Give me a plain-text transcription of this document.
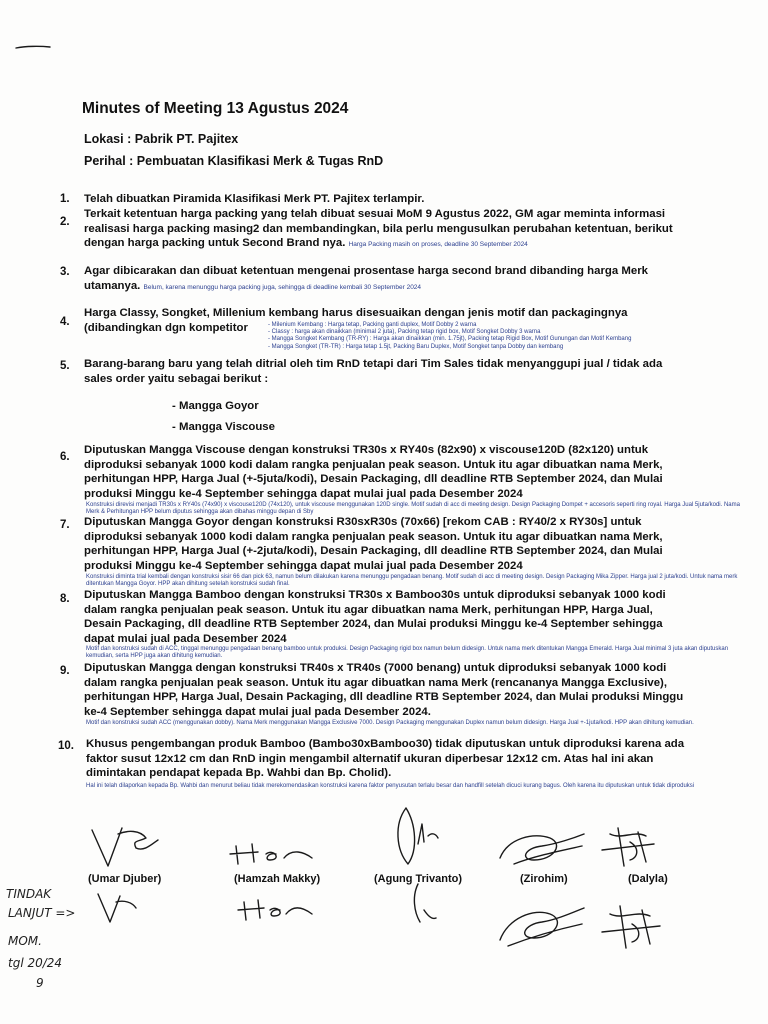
Minutes of Meeting 13 Agustus 2024
Lokasi : Pabrik PT. Pajitex
Perihal : Pembuatan Klasifikasi Merk & Tugas RnD
1.	Telah dibuatkan Piramida Klasifikasi Merk PT. Pajitex terlampir.
2.
Terkait ketentuan harga packing yang telah dibuat sesuai MoM 9 Agustus 2022, GM agar meminta informasi realisasi harga packing masing2 dan membandingkan, bila perlu mengusulkan perubahan ketentuan, berikut dengan harga packing untuk Second Brand nya. Harga Packing masih on proses, deadline 30 September 2024
3.	Agar dibicarakan dan dibuat ketentuan mengenai prosentase harga second brand dibanding harga Merk utamanya. Belum, karena menunggu harga packing juga, sehingga di deadline kembali 30 September 2024
4.
Harga Classy, Songket, Millenium kembang harus disesuaikan dengan jenis motif dan packagingnya (dibandingkan dgn kompetitor	- Milenium Kembang : Harga tetap, Packing ganti duplex, Motif Dobby 2 warna
- Classy : harga akan dinaikkan (minimal 2 juta), Packing tetap rigid box, Motif Songket Dobby 3 warna
- Mangga Songket Kembang (TR-RY) : Harga akan dinaikkan (min. 1.75jt), Packing tetap Rigid Box, Motif Gunungan dan Motif Kembang
- Mangga Songket (TR-TR) : Harga tetap 1.5jt, Packing Baru Duplex, Motif Songket tanpa Dobby dan kembang
5.	Barang-barang baru yang telah ditrial oleh tim RnD tetapi dari Tim Sales tidak menyanggupi jual / tidak ada sales order yaitu sebagai berikut :
- Mangga Goyor
- Mangga Viscouse
6.
Diputuskan Mangga Viscouse dengan konstruksi TR30s x RY40s (82x90) x viscouse120D (82x120) untuk diproduksi sebanyak 1000 kodi dalam rangka penjualan peak season. Untuk itu agar dibuatkan nama Merk, perhitungan HPP, Harga Jual (+-5juta/kodi), Desain Packaging, dll deadline RTB September 2024, dan Mulai produksi Minggu ke-4 September sehingga dapat mulai jual pada Desember 2024
Konstruksi direvisi menjadi TR30s x RY40s (74x90) x viscouse120D (74x120), untuk viscouse menggunakan 120D single. Motif sudah di acc di meeting design. Design Packaging Dompet + accesoris seperti ring royal. Harga Jual 5juta/kodi. Nama Merk & Perhitungan HPP belum diputus sehingga akan dibahas minggu depan di Sby
7.	Diputuskan Mangga Goyor dengan konstruksi R30sxR30s (70x66) [rekom CAB : RY40/2 x RY30s] untuk diproduksi sebanyak 1000 kodi dalam rangka penjualan peak season. Untuk itu agar dibuatkan nama Merk, perhitungan HPP, Harga Jual (+-2juta/kodi), Desain Packaging, dll deadline RTB September 2024, dan Mulai produksi Minggu ke-4 September sehingga dapat mulai jual pada Desember 2024
Konstruksi diminta trial kembali dengan konstruksi sisir 66 dan pick 63, namun belum dilakukan karena menunggu pengadaan benang. Motif sudah di acc di meeting design. Design Packaging Mika Zipper. Harga jual 2 juta/kodi. Untuk nama merk ditentukan Mangga Goyor. HPP akan dihitung setelah konstruksi sudah final.
8.	Diputuskan Mangga Bamboo dengan konstruksi TR30s x Bamboo30s untuk diproduksi sebanyak 1000 kodi dalam rangka penjualan peak season. Untuk itu agar dibuatkan nama Merk, perhitungan HPP, Harga Jual, Desain Packaging, dll deadline RTB September 2024, dan Mulai produksi Minggu ke-4 September sehingga dapat mulai jual pada Desember 2024
Motif dan konstruksi sudah di ACC, tinggal menunggu pengadaan benang bamboo untuk produksi. Design Packaging rigid box namun belum didesign. Untuk nama merk ditentukan Mangga Emerald. Harga Jual minimal 3 juta akan diputuskan kemudian, serta HPP juga akan dihitung kemudian.
9.	Diputuskan Mangga dengan konstruksi TR40s x TR40s (7000 benang) untuk diproduksi sebanyak 1000 kodi dalam rangka penjualan peak season. Untuk itu agar dibuatkan nama Merk (rencananya Mangga Exclusive), perhitungan HPP, Harga Jual, Desain Packaging, dll deadline RTB September 2024, dan Mulai produksi Minggu ke-4 September sehingga dapat mulai jual pada Desember 2024.
Motif dan konstruksi sudah ACC (menggunakan dobby). Nama Merk menggunakan Mangga Exclusive 7000. Design Packaging menggunakan Duplex namun belum didesign. Harga Jual +-1juta/kodi. HPP akan dihitung kemudian.
10.	Khusus pengembangan produk Bamboo (Bambo30xBamboo30) tidak diputuskan untuk diproduksi karena ada faktor susut 12x12 cm dan RnD ingin mengambil alternatif ukuran diperbesar 12x12 cm. Atas hal ini akan dimintakan pendapat kepada Bp. Wahbi dan Bp. Cholid).
Hal ini telah dilaporkan kepada Bp. Wahbi dan menurut beliau tidak merekomendasikan konstruksi karena faktor penyusutan terlalu besar dan handfill setelah dicuci kurang bagus. Oleh karena itu diputuskan untuk tidak diproduksi
(Umar Djuber)	(Hamzah Makky)	(Agung Trivanto)	(Zirohim)	(Dalyla)
TINDAK
LANJUT =>
MOM.
tgl 20/24
9
